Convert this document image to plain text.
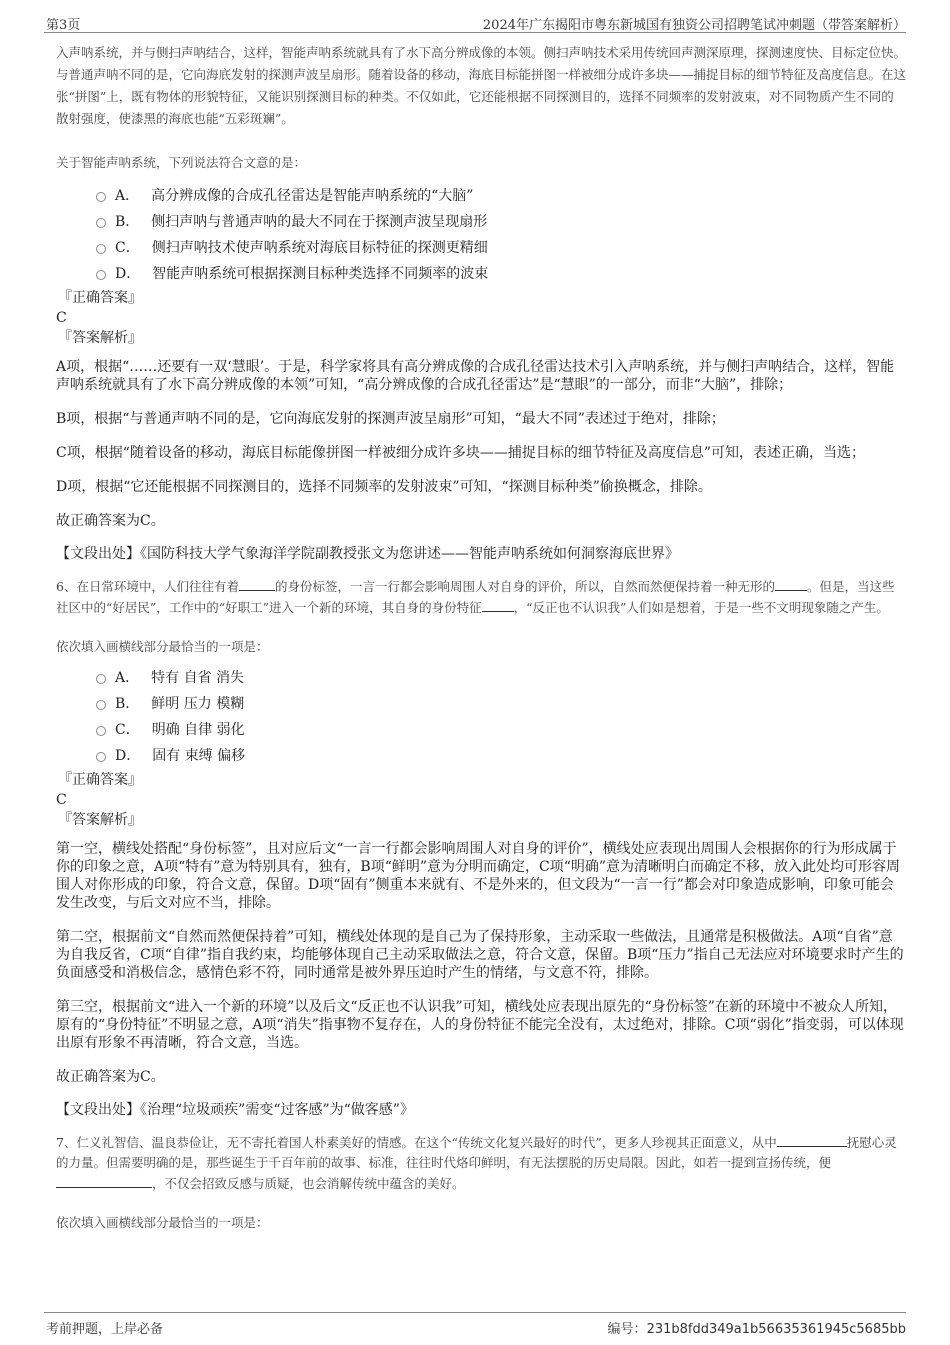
第3页	2024年广东揭阳市粤东新城国有独资公司招聘笔试冲刺题（带答案解析）

入声呐系统，并与侧扫声呐结合，这样，智能声呐系统就具有了水下高分辨成像的本领。侧扫声呐技术采用传统回声测深原理，探测速度快、目标定位快。与普通声呐不同的是，它向海底发射的探测声波呈扇形。随着设备的移动，海底目标能拼图一样被细分成许多块——捕捉目标的细节特征及高度信息。在这张“拼图”上，既有物体的形貌特征，又能识别探测目标的种类。不仅如此，它还能根据不同探测目的，选择不同频率的发射波束，对不同物质产生不同的散射强度，使漆黑的海底也能“五彩斑斓”。

关于智能声呐系统，下列说法符合文意的是：

A． 高分辨成像的合成孔径雷达是智能声呐系统的“大脑”
B． 侧扫声呐与普通声呐的最大不同在于探测声波呈现扇形
C． 侧扫声呐技术使声呐系统对海底目标特征的探测更精细
D． 智能声呐系统可根据探测目标种类选择不同频率的波束

『正确答案』

C

『答案解析』

A项，根据“……还要有一双‘慧眼’。于是，科学家将具有高分辨成像的合成孔径雷达技术引入声呐系统，并与侧扫声呐结合，这样，智能声呐系统就具有了水下高分辨成像的本领”可知，“高分辨成像的合成孔径雷达”是“慧眼”的一部分，而非“大脑”，排除；

B项，根据“与普通声呐不同的是，它向海底发射的探测声波呈扇形”可知，“最大不同”表述过于绝对，排除；

C项，根据“随着设备的移动，海底目标能像拼图一样被细分成许多块——捕捉目标的细节特征及高度信息”可知，表述正确，当选；

D项，根据“它还能根据不同探测目的，选择不同频率的发射波束”可知，“探测目标种类”偷换概念，排除。

故正确答案为C。

【文段出处】《国防科技大学气象海洋学院副教授张文为您讲述——智能声呐系统如何洞察海底世界》

6、在日常环境中，人们往往有着	的身份标签，一言一行都会影响周围人对自身的评价，所以，自然而然便保持着一种无形的	。但是，当这些社区中的“好居民”，工作中的“好职工”进入一个新的环境，其自身的身份特征	，“反正也不认识我”人们如是想着，于是一些不文明现象随之产生。

依次填入画横线部分最恰当的一项是：

A． 特有 自省 消失
B． 鲜明 压力 模糊
C． 明确 自律 弱化
D． 固有 束缚 偏移

『正确答案』

C

『答案解析』

第一空，横线处搭配“身份标签”，且对应后文“一言一行都会影响周围人对自身的评价”，横线处应表现出周围人会根据你的行为形成属于你的印象之意，A项“特有”意为特别具有，独有，B项“鲜明”意为分明而确定，C项“明确”意为清晰明白而确定不移，放入此处均可形容周围人对你形成的印象，符合文意，保留。D项“固有”侧重本来就有、不是外来的，但文段为“一言一行”都会对印象造成影响，印象可能会发生改变，与后文对应不当，排除。

第二空，根据前文“自然而然便保持着”可知，横线处体现的是自己为了保持形象，主动采取一些做法，且通常是积极做法。A项“自省”意为自我反省，C项“自律”指自我约束，均能够体现自己主动采取做法之意，符合文意，保留。B项“压力”指自己无法应对环境要求时产生的负面感受和消极信念，感情色彩不符，同时通常是被外界压迫时产生的情绪，与文意不符，排除。

第三空，根据前文“进入一个新的环境”以及后文“反正也不认识我”可知，横线处应表现出原先的“身份标签”在新的环境中不被众人所知，原有的“身份特征”不明显之意，A项“消失”指事物不复存在，人的身份特征不能完全没有，太过绝对，排除。C项“弱化”指变弱，可以体现出原有形象不再清晰，符合文意，当选。

故正确答案为C。

【文段出处】《治理“垃圾顽疾”需变“过客感”为“做客感”》

7、仁义礼智信、温良恭俭让，无不寄托着国人朴素美好的情感。在这个“传统文化复兴最好的时代”，更多人珍视其正面意义，从中	抚慰心灵的力量。但需要明确的是，那些诞生于千百年前的故事、标准，往往时代烙印鲜明，有无法摆脱的历史局限。因此，如若一提到宣扬传统，便，不仅会招致反感与质疑，也会消解传统中蕴含的美好。

依次填入画横线部分最恰当的一项是：

考前押题，上岸必备	编号：231b8fdd349a1b56635361945c5685bb
